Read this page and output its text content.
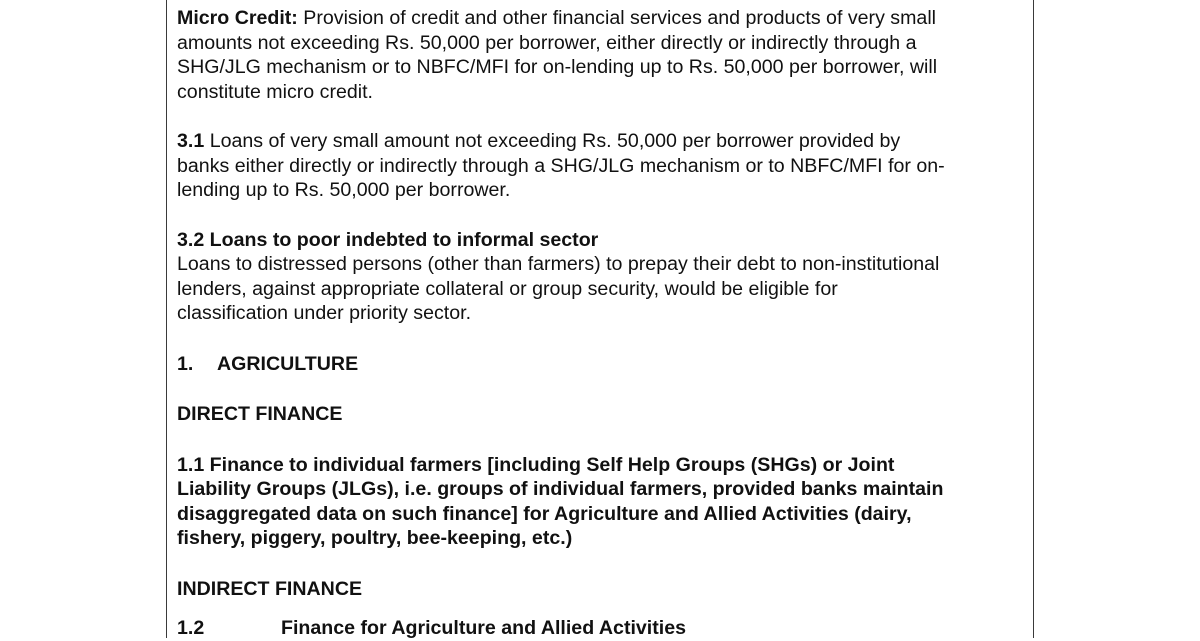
Micro Credit: Provision of credit and other financial services and products of very small
amounts not exceeding Rs. 50,000 per borrower, either directly or indirectly through a
SHG/JLG mechanism or to NBFC/MFI for on-lending up to Rs. 50,000 per borrower, will
constitute micro credit.
3.1 Loans of very small amount not exceeding Rs. 50,000 per borrower provided by
banks either directly or indirectly through a SHG/JLG mechanism or to NBFC/MFI for on-
lending up to Rs. 50,000 per borrower.
3.2 Loans to poor indebted to informal sector
Loans to distressed persons (other than farmers) to prepay their debt to non-institutional
lenders, against appropriate collateral or group security, would be eligible for
classification under priority sector.
1. AGRICULTURE
DIRECT FINANCE
1.1 Finance to individual farmers [including Self Help Groups (SHGs) or Joint
Liability Groups (JLGs), i.e. groups of individual farmers, provided banks maintain
disaggregated data on such finance] for Agriculture and Allied Activities (dairy,
fishery, piggery, poultry, bee-keeping, etc.)
INDIRECT FINANCE
1.2	Finance for Agriculture and Allied Activities
